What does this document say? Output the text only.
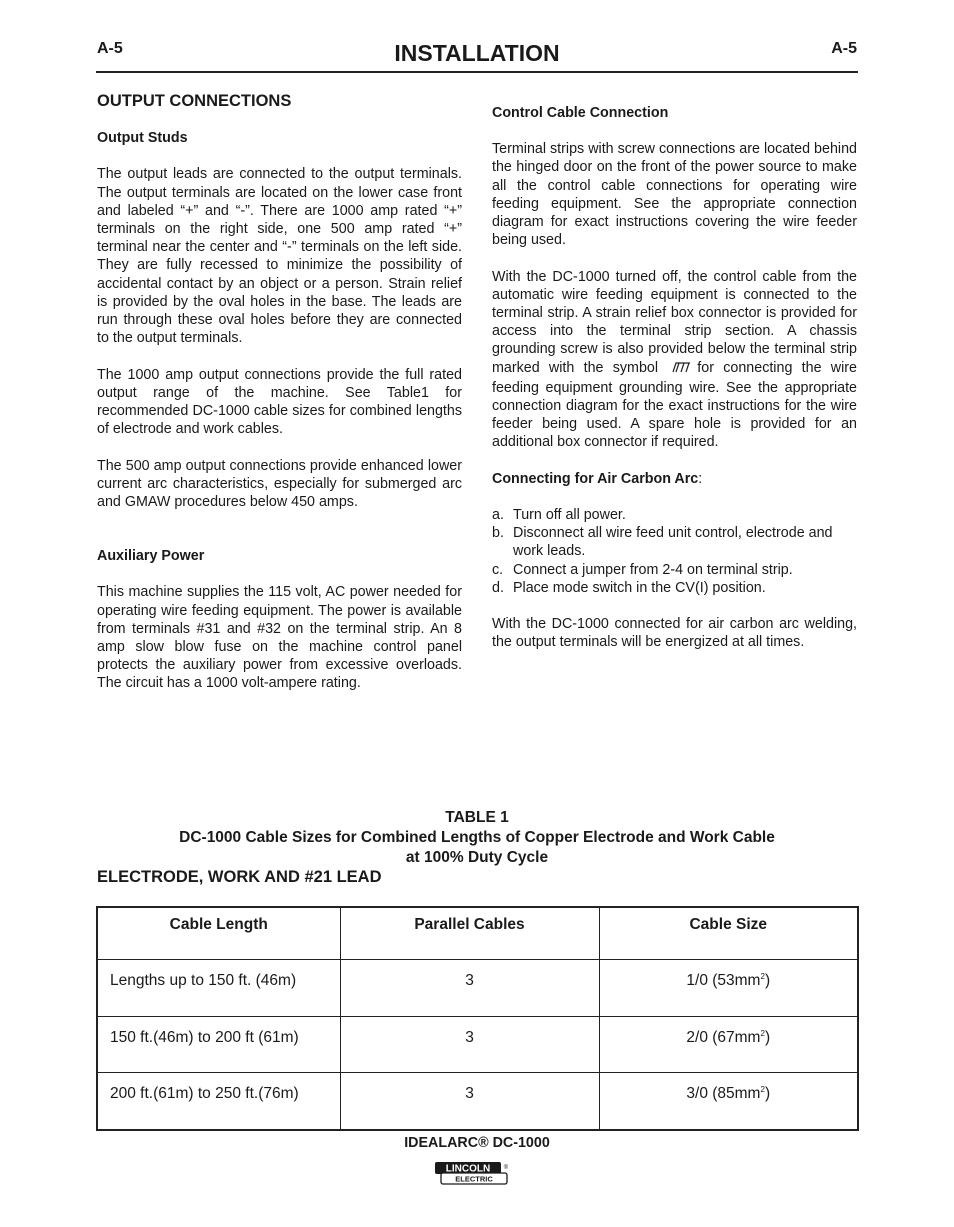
A-5	INSTALLATION	A-5
OUTPUT CONNECTIONS
Output Studs

The output leads are connected to the output terminals. The output terminals are located on the lower case front and labeled “+” and “-”. There are 1000 amp rated “+” terminals on the right side, one 500 amp rated “+” terminal near the center and “-” terminals on the left side. They are fully recessed to minimize the possibility of accidental contact by an object or a person. Strain relief is provided by the oval holes in the base. The leads are run through these oval holes before they are connected to the output terminals.

The 1000 amp output connections provide the full rated output range of the machine. See Table1 for recommended DC-1000 cable sizes for combined lengths of electrode and work cables.

The 500 amp output connections provide enhanced lower current arc characteristics, especially for submerged arc and GMAW procedures below 450 amps.

Auxiliary Power

This machine supplies the 115 volt, AC power needed for operating wire feeding equipment. The power is available from terminals #31 and #32 on the terminal strip. An 8 amp slow blow fuse on the machine control panel protects the auxiliary power from excessive overloads. The circuit has a 1000 volt-ampere rating.

Control Cable Connection

Terminal strips with screw connections are located behind the hinged door on the front of the power source to make all the control cable connections for operating wire feeding equipment. See the appropriate connection diagram for exact instructions covering the wire feeder being used.

With the DC-1000 turned off, the control cable from the automatic wire feeding equipment is connected to the terminal strip. A strain relief box connector is provided for access into the terminal strip section. A chassis grounding screw is also provided below the terminal strip marked with the symbol	for connecting the wire feeding equipment grounding wire. See the appropriate connection diagram for the exact instructions for the wire feeder being used. A spare hole is provided for an additional box connector if required.

Connecting for Air Carbon Arc:
a. Turn off all power.
b. Disconnect all wire feed unit control, electrode and work leads.
c. Connect a jumper from 2-4 on terminal strip.
d. Place mode switch in the CV(I) position.

With the DC-1000 connected for air carbon arc welding, the output terminals will be energized at all times.

TABLE 1
DC-1000 Cable Sizes for Combined Lengths of Copper Electrode and Work Cable
at 100% Duty Cycle
ELECTRODE, WORK AND #21 LEAD
Cable Length	Parallel Cables	Cable Size
Lengths up to 150 ft. (46m)	3	1/0 $(53mm^2)$
150 ft.(46m) to 200 ft (61m)	3	2/0 $(67mm^2)$
200 ft.(61m) to 250 ft.(76m)	3	3/0 $(85mm^2)$
IDEALARC® DC-1000
LINCOLN
ELECTRIC
®
